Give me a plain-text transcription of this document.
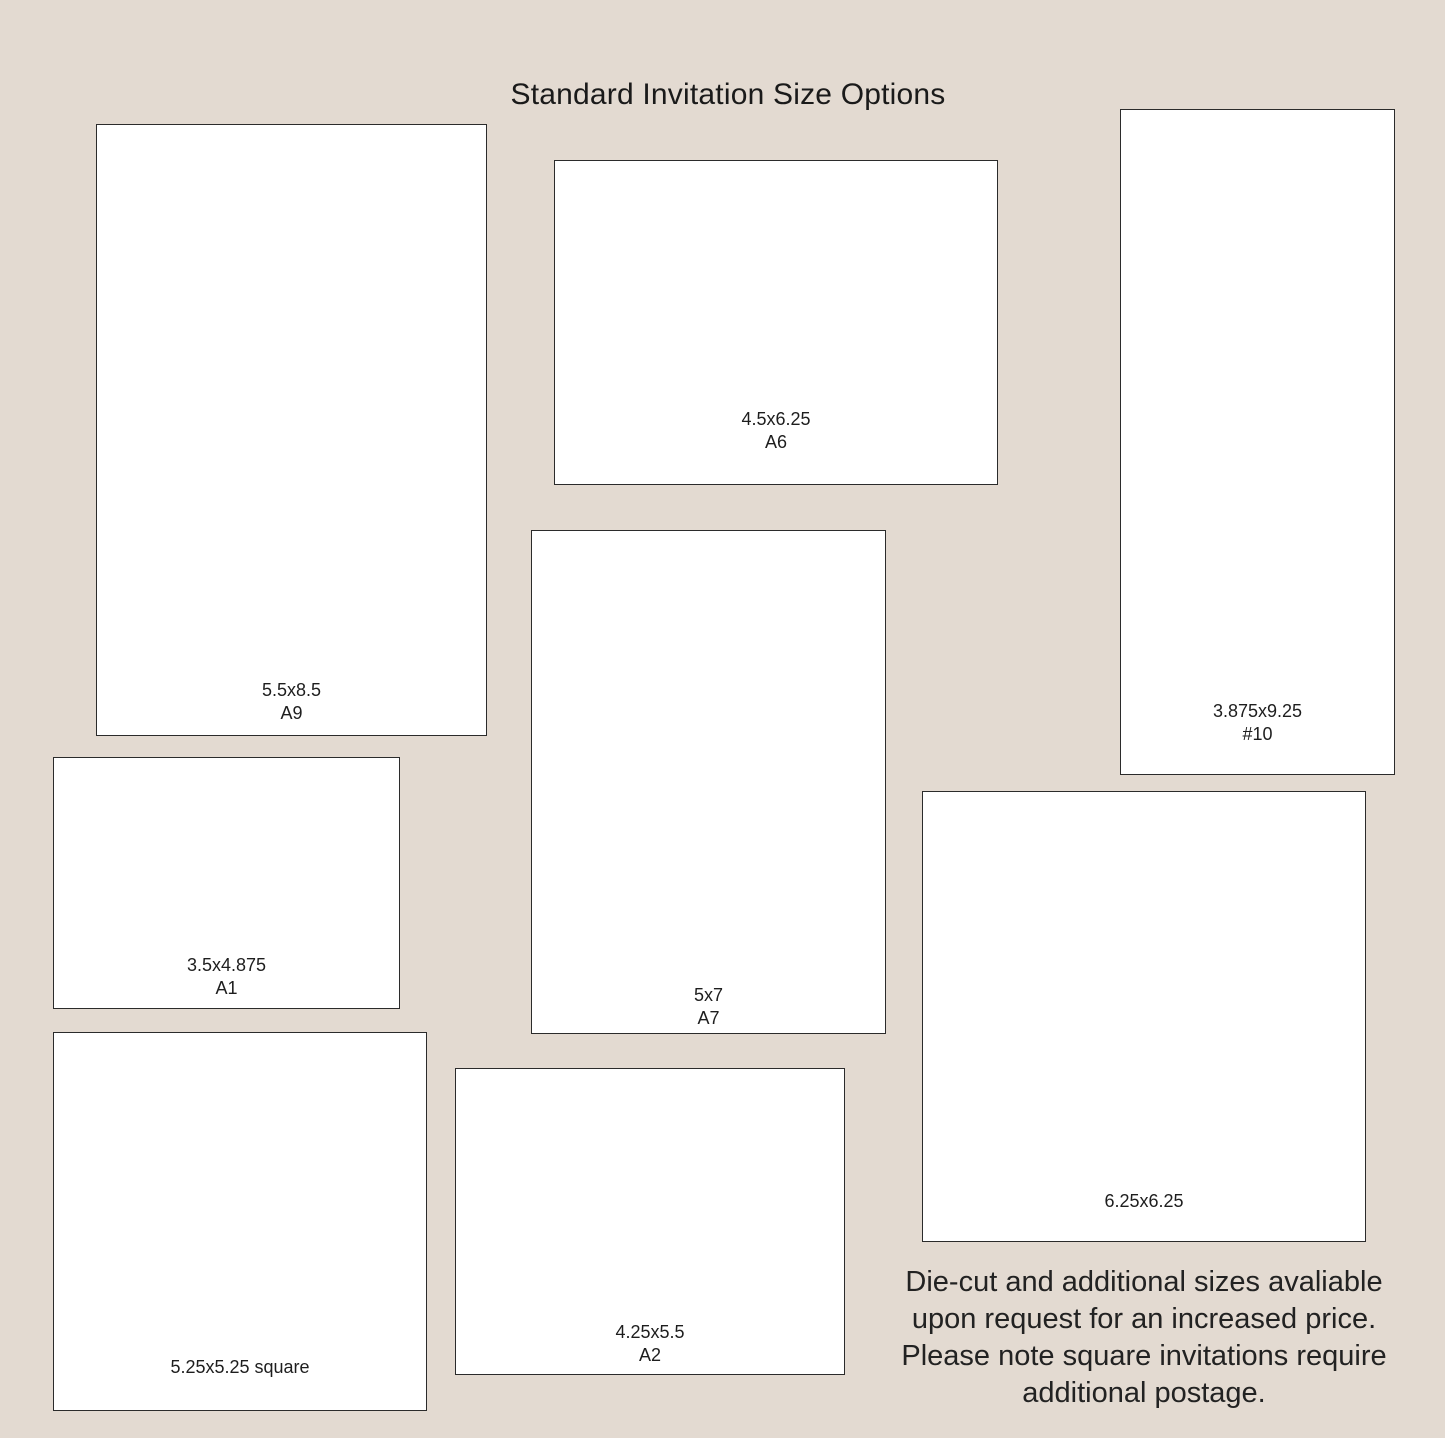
Standard Invitation Size Options
5.5x8.5
A9
4.5x6.25
A6
3.875x9.25
#10
3.5x4.875
A1	5x7
A7
6.25x6.25
5.25x5.25 square
4.25x5.5
A2
Die-cut and additional sizes avaliable
upon request for an increased price.
Please note square invitations require
additional postage.
